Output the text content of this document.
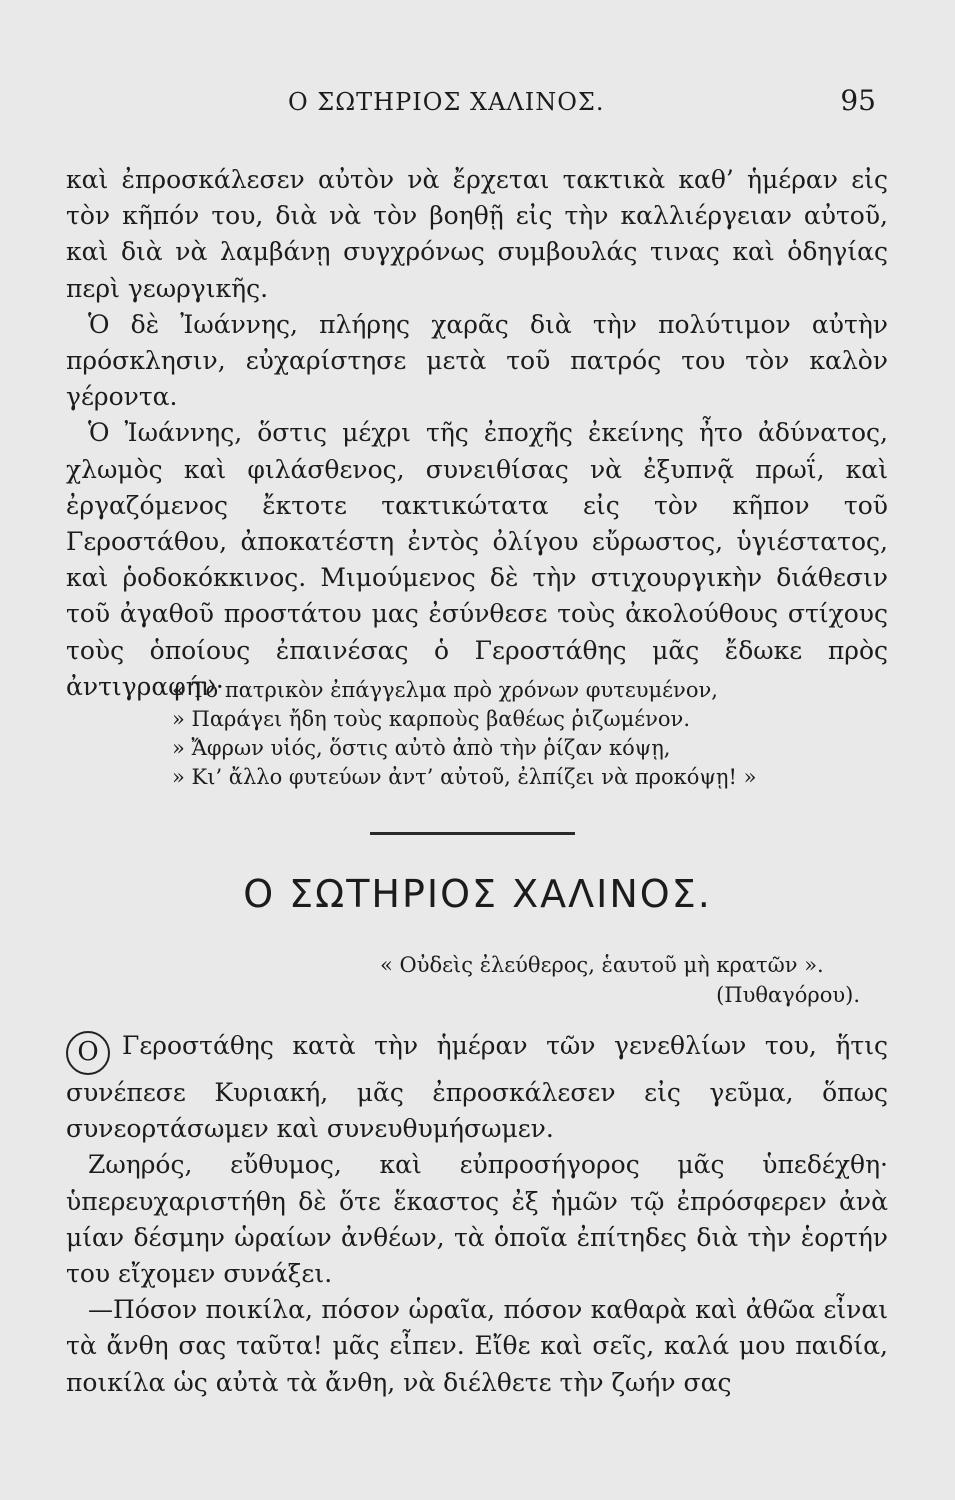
Ο ΣΩΤΗΡΙΟΣ ΧΑΛΙΝΟΣ.	95

καὶ ἐπροσκάλεσεν αὐτὸν νὰ ἔρχεται τακτικὰ καθ’ ἡμέραν εἰς τὸν κῆπόν του, διὰ νὰ τὸν βοηθῇ εἰς τὴν καλλιέργειαν αὐτοῦ, καὶ διὰ νὰ λαμβάνῃ συγχρόνως συμβουλάς τινας καὶ ὁδηγίας περὶ γεωργικῆς.

Ὁ δὲ Ἰωάννης, πλήρης χαρᾶς διὰ τὴν πολύτιμον αὐτὴν πρόσκλησιν, εὐχαρίστησε μετὰ τοῦ πατρός του τὸν καλὸν γέροντα.

Ὁ Ἰωάννης, ὅστις μέχρι τῆς ἐποχῆς ἐκείνης ἦτο ἀδύνατος, χλωμὸς καὶ φιλάσθενος, συνειθίσας νὰ ἐξυπνᾷ πρωΐ, καὶ ἐργαζόμενος ἔκτοτε τακτικώτατα εἰς τὸν κῆπον τοῦ Γεροστάθου, ἀποκατέστη ἐντὸς ὀλίγου εὔρωστος, ὑγιέστατος, καὶ ῥοδοκόκκινος. Μιμούμενος δὲ τὴν στιχουργικὴν διάθεσιν τοῦ ἀγαθοῦ προστάτου μας ἐσύνθεσε τοὺς ἀκολούθους στίχους τοὺς ὁποίους ἐπαινέσας ὁ Γεροστάθης μᾶς ἔδωκε πρὸς ἀντιγραφήν·

« Τὸ πατρικὸν ἐπάγγελμα πρὸ χρόνων φυτευμένον,
» Παράγει ἤδη τοὺς καρποὺς βαθέως ῥιζωμένον.
» Ἄφρων υἱός, ὅστις αὐτὸ ἀπὸ τὴν ῥίζαν κόψῃ,
» Κι’ ἄλλο φυτεύων ἀντ’ αὐτοῦ, ἐλπίζει νὰ προκόψῃ! »
Ο ΣΩΤΗΡΙΟΣ ΧΑΛΙΝΟΣ.
« Οὐδεὶς ἐλεύθερος, ἑαυτοῦ μὴ κρατῶν ».
(Πυθαγόρου).

Ο Γεροστάθης κατὰ τὴν ἡμέραν τῶν γενεθλίων του, ἥτις συνέπεσε Κυριακή, μᾶς ἐπροσκάλεσεν εἰς γεῦμα, ὅπως συνεορτάσωμεν καὶ συνευθυμήσωμεν.

Ζωηρός, εὔθυμος, καὶ εὐπροσήγορος μᾶς ὑπεδέχθη· ὑπερευχαριστήθη δὲ ὅτε ἕκαστος ἐξ ἡμῶν τῷ ἐπρόσφερεν ἀνὰ μίαν δέσμην ὡραίων ἀνθέων, τὰ ὁποῖα ἐπίτηδες διὰ τὴν ἑορτήν του εἴχομεν συνάξει.

—Πόσον ποικίλα, πόσον ὡραῖα, πόσον καθαρὰ καὶ ἀθῶα εἶναι τὰ ἄνθη σας ταῦτα! μᾶς εἶπεν. Εἴθε καὶ σεῖς, καλά μου παιδία, ποικίλα ὡς αὐτὰ τὰ ἄνθη, νὰ διέλθετε τὴν ζωήν σας
